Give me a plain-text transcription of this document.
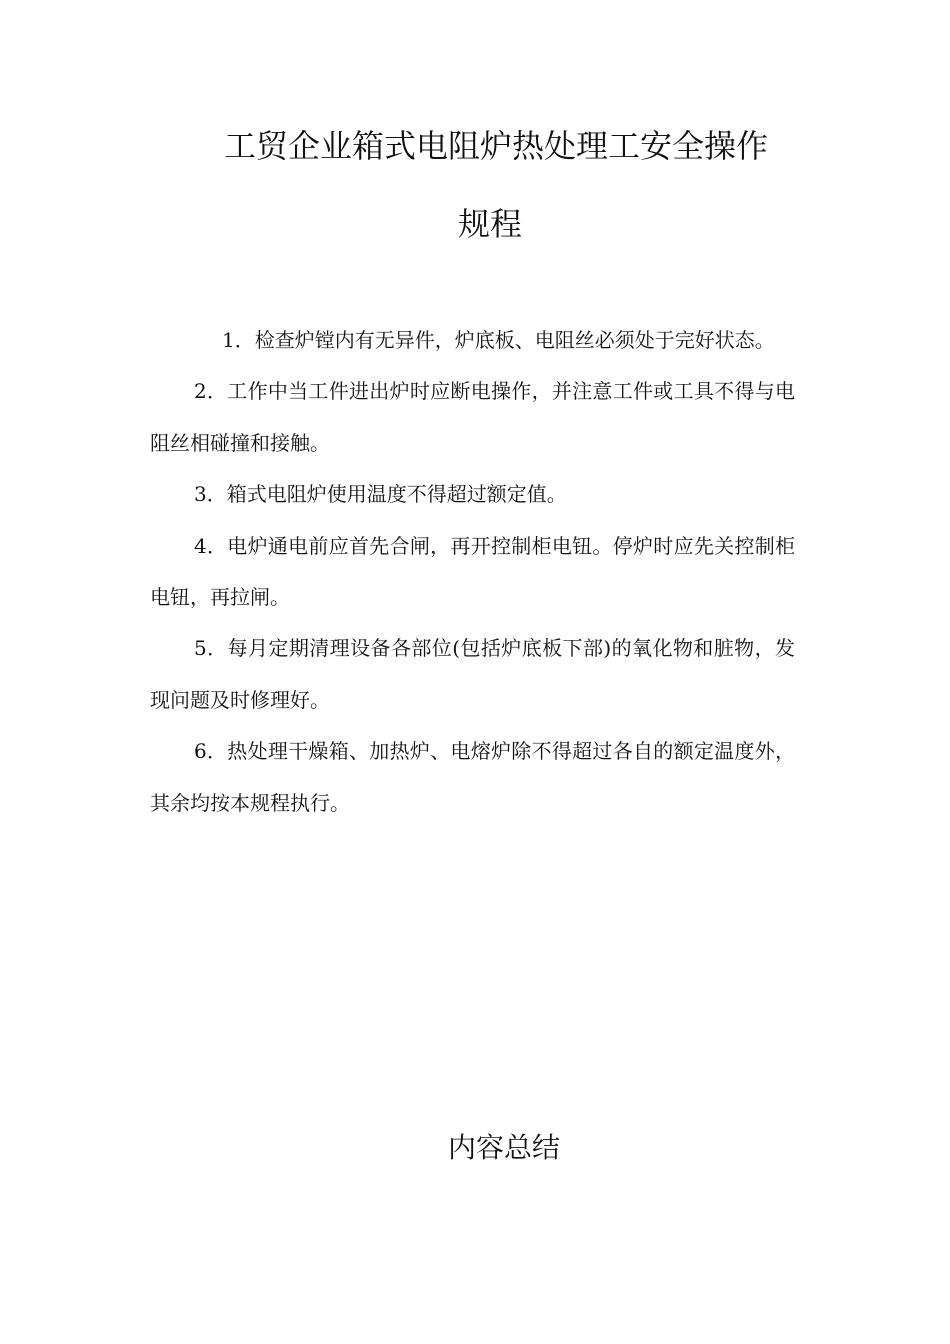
工贸企业箱式电阻炉热处理工安全操作
规程

1．检查炉镗内有无异件，炉底板、电阻丝必须处于完好状态。

2．工作中当工件进出炉时应断电操作，并注意工件或工具不得与电阻丝相碰撞和接触。

3．箱式电阻炉使用温度不得超过额定值。

4．电炉通电前应首先合闸，再开控制柜电钮。停炉时应先关控制柜电钮，再拉闸。

5．每月定期清理设备各部位(包括炉底板下部)的氧化物和脏物，发现问题及时修理好。

6．热处理干燥箱、加热炉、电熔炉除不得超过各自的额定温度外，其余均按本规程执行。

内容总结
